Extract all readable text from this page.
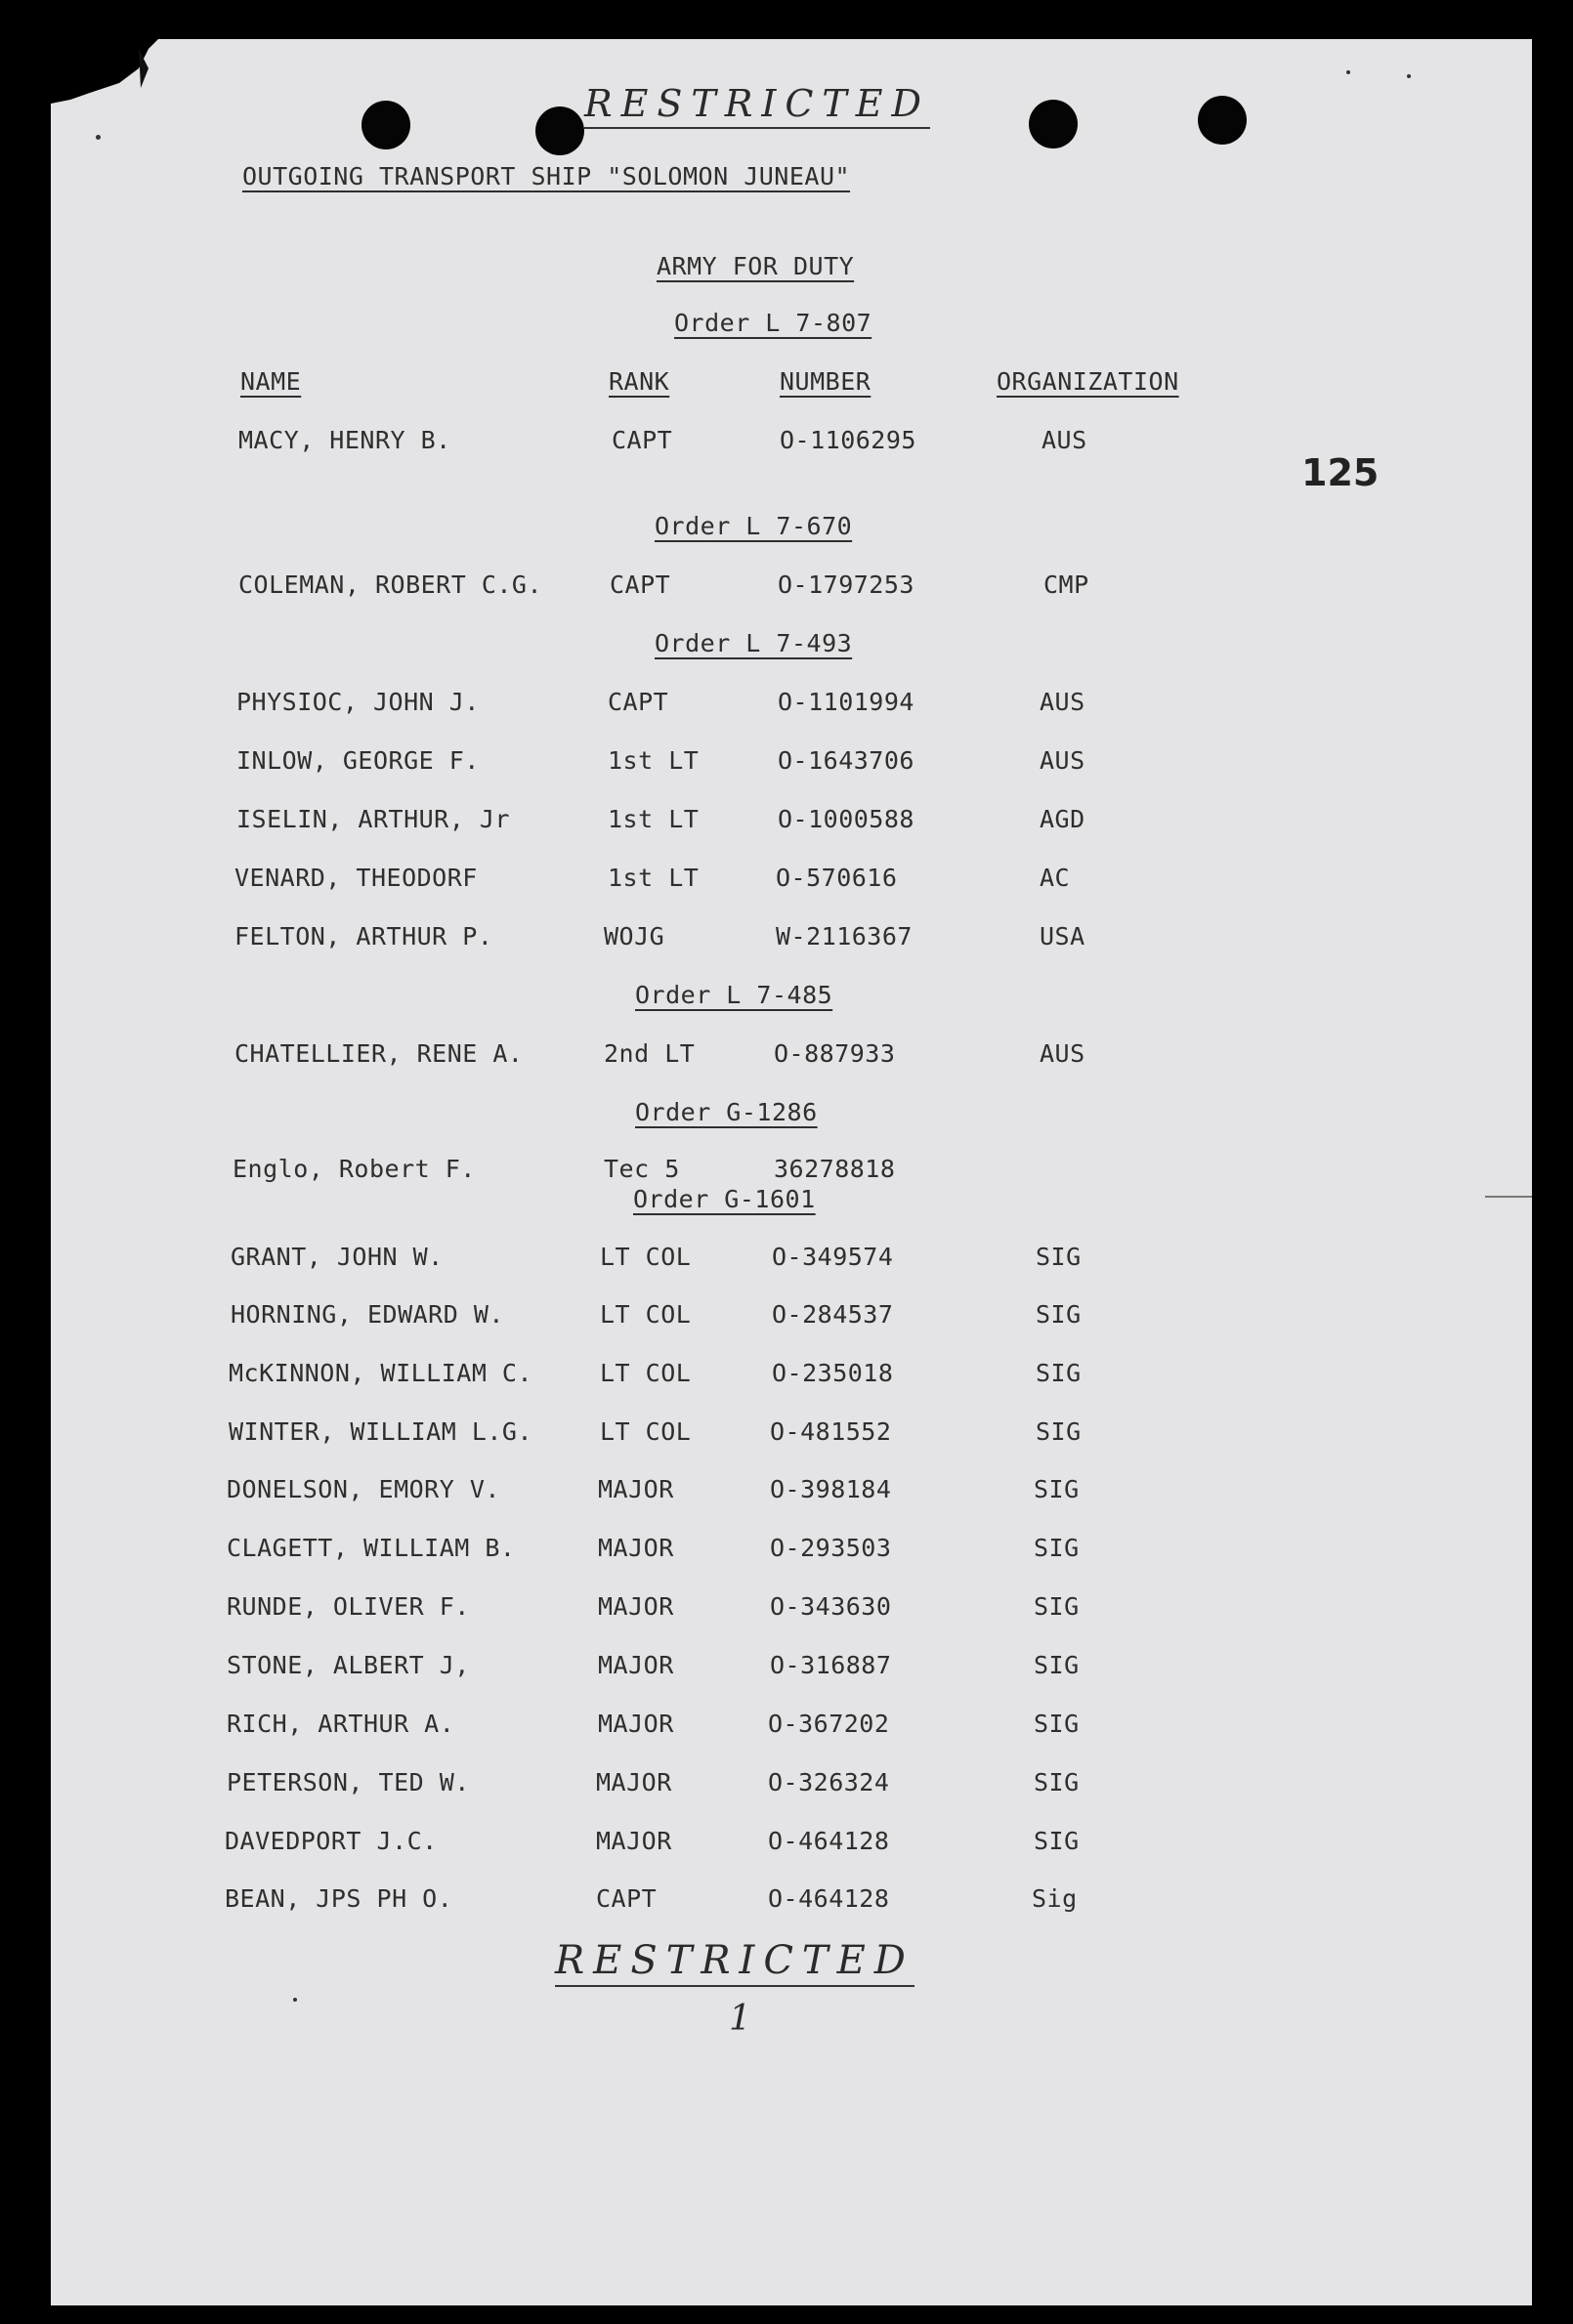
RESTRICTED
OUTGOING TRANSPORT SHIP "SOLOMON JUNEAU"
ARMY FOR DUTY
125
NAME	RANK	NUMBER	ORGANIZATION
Order L 7-807
Order L 7-670
Order L 7-493
Order L 7-485
Order G-1286
Order G-1601
MACY, HENRY B.	CAPT	O-1106295	AUS
COLEMAN, ROBERT C.G.	CAPT	O-1797253	CMP
PHYSIOC, JOHN J.	CAPT	O-1101994	AUS
INLOW, GEORGE F.	1st LT	O-1643706	AUS
ISELIN, ARTHUR, Jr	1st LT	O-1000588	AGD
VENARD, THEODORF	1st LT	O-570616	AC
FELTON, ARTHUR P.	WOJG	W-2116367	USA
CHATELLIER, RENE A.	2nd LT	O-887933	AUS
Englo, Robert F.	Tec 5	36278818
GRANT, JOHN W.	LT COL	O-349574	SIG
HORNING, EDWARD W.	LT COL	O-284537	SIG
McKINNON, WILLIAM C.	LT COL	O-235018	SIG
WINTER, WILLIAM L.G.	LT COL	O-481552	SIG
DONELSON, EMORY V.	MAJOR	O-398184	SIG
CLAGETT, WILLIAM B.	MAJOR	O-293503	SIG
RUNDE, OLIVER F.	MAJOR	O-343630	SIG
STONE, ALBERT J,	MAJOR	O-316887	SIG
RICH, ARTHUR A.	MAJOR	O-367202	SIG
PETERSON, TED W.	MAJOR	O-326324	SIG
DAVEDPORT J.C.	MAJOR	O-464128	SIG
BEAN, JPS PH O.	CAPT	O-464128	Sig
RESTRICTED
1
